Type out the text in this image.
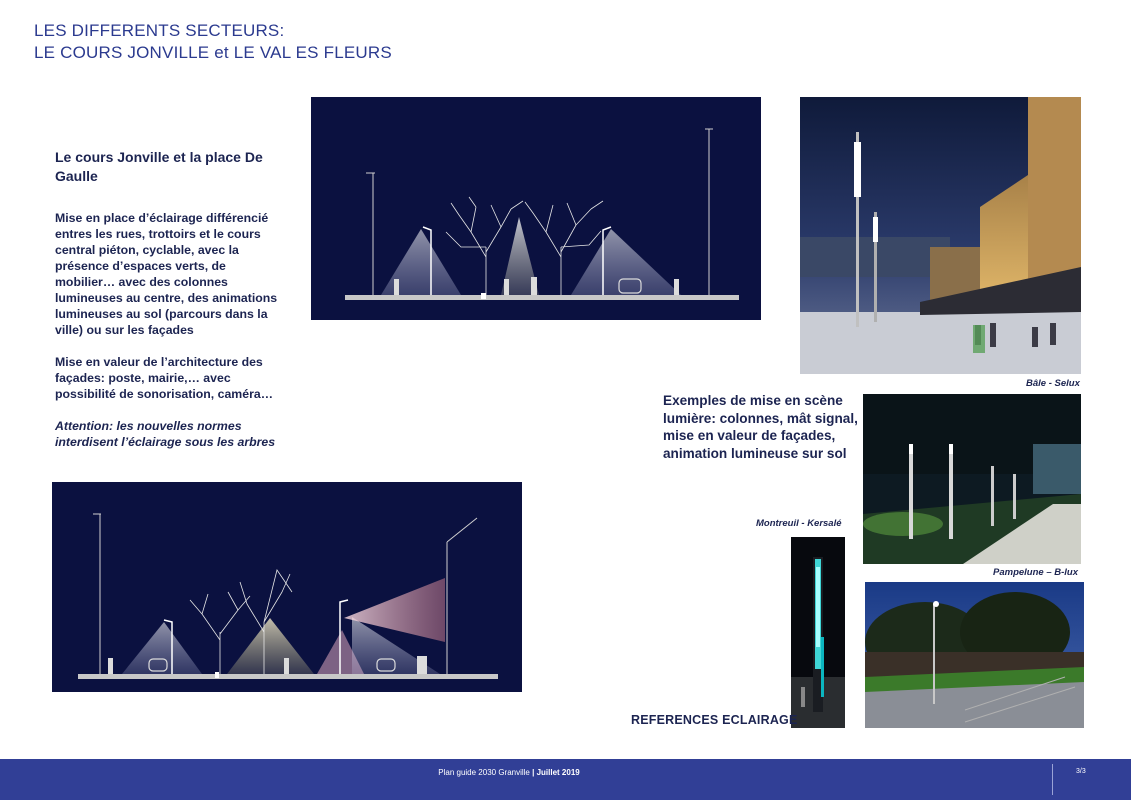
LES DIFFERENTS SECTEURS:
LE COURS JONVILLE et LE VAL ES FLEURS
Le cours Jonville et la place De Gaulle

Mise en place d’éclairage différencié entres les rues, trottoirs et le cours central piéton, cyclable, avec la présence d’espaces verts, de mobilier… avec des colonnes lumineuses au centre, des animations lumineuses au sol (parcours dans la ville) ou sur les façades

Mise en valeur de l’architecture des façades: poste, mairie,… avec possibilité de sonorisation, caméra…

Attention: les nouvelles normes interdisent l’éclairage sous les arbres

Bâle - Selux
Exemples de mise en scène lumière: colonnes, mât signal, mise en valeur de façades, animation lumineuse sur sol
Pampelune – B-lux
Montreuil - Kersalé
REFERENCES ECLAIRAGE
Plan guide 2030 Granville | Juillet 2019	3/3
